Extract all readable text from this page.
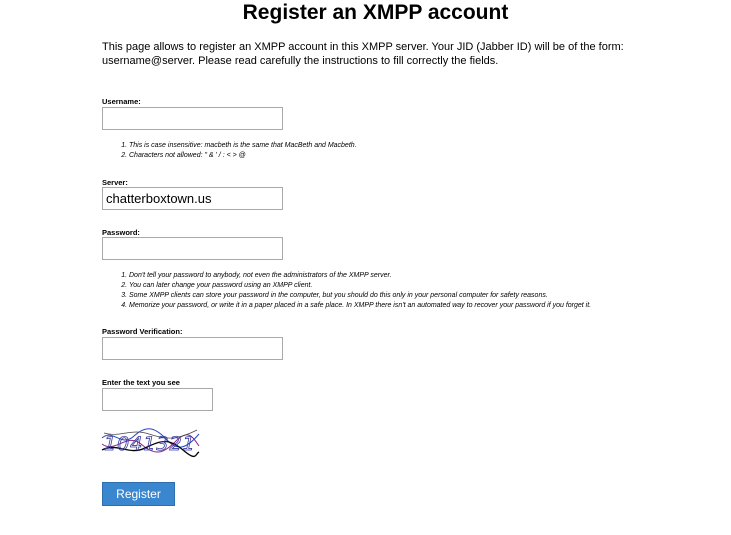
Register an XMPP account

This page allows to register an XMPP account in this XMPP server. Your JID (Jabber ID) will be of the form: username@server. Please read carefully the instructions to fill correctly the fields.

Username:
1. This is case insensitive: macbeth is the same that MacBeth and Macbeth.
2. Characters not allowed: " & ' / : < > @
Server:
chatterboxtown.us
Password:
1. Don't tell your password to anybody, not even the administrators of the XMPP server.
2. You can later change your password using an XMPP client.
3. Some XMPP clients can store your password in the computer, but you should do this only in your personal computer for safety reasons.
4. Memorize your password, or write it in a paper placed in a safe place. In XMPP there isn't an automated way to recover your password if you forget it.
Password Verification:
Enter the text you see
1041321
Register
